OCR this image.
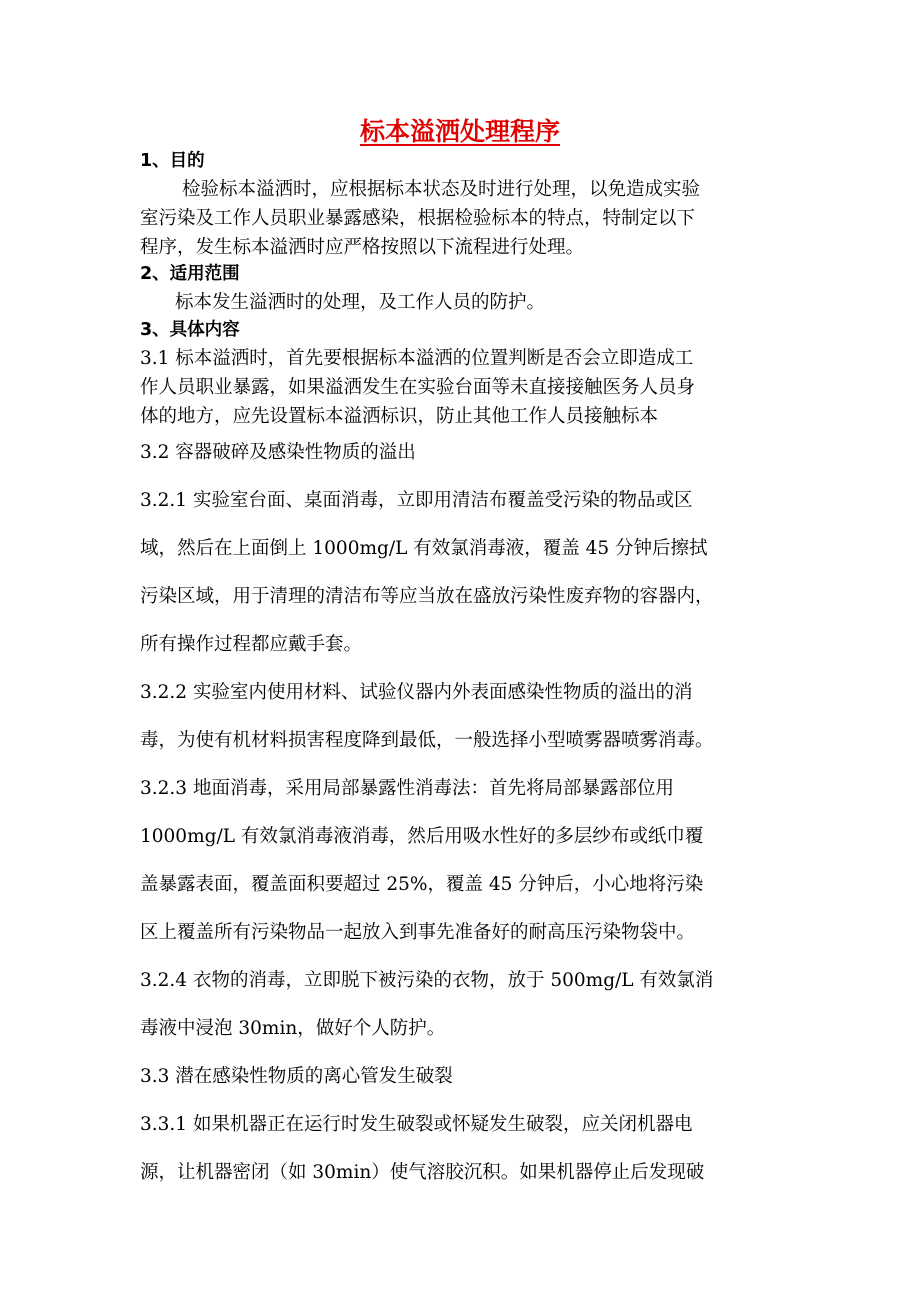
标本溢洒处理程序
1、目的
检验标本溢洒时，应根据标本状态及时进行处理，以免造成实验
室污染及工作人员职业暴露感染，根据检验标本的特点，特制定以下
程序，发生标本溢洒时应严格按照以下流程进行处理。
2、适用范围
标本发生溢洒时的处理，及工作人员的防护。
3、具体内容
3.1 标本溢洒时，首先要根据标本溢洒的位置判断是否会立即造成工
作人员职业暴露，如果溢洒发生在实验台面等未直接接触医务人员身
体的地方，应先设置标本溢洒标识，防止其他工作人员接触标本
3.2 容器破碎及感染性物质的溢出
3.2.1 实验室台面、桌面消毒，立即用清洁布覆盖受污染的物品或区
域，然后在上面倒上 1000mg/L 有效氯消毒液，覆盖 45 分钟后擦拭
污染区域，用于清理的清洁布等应当放在盛放污染性废弃物的容器内，
所有操作过程都应戴手套。
3.2.2 实验室内使用材料、试验仪器内外表面感染性物质的溢出的消
毒，为使有机材料损害程度降到最低，一般选择小型喷雾器喷雾消毒。
3.2.3 地面消毒，采用局部暴露性消毒法：首先将局部暴露部位用
1000mg/L 有效氯消毒液消毒，然后用吸水性好的多层纱布或纸巾覆
盖暴露表面，覆盖面积要超过 25%，覆盖 45 分钟后，小心地将污染
区上覆盖所有污染物品一起放入到事先准备好的耐高压污染物袋中。
3.2.4 衣物的消毒，立即脱下被污染的衣物，放于 500mg/L 有效氯消
毒液中浸泡 30min，做好个人防护。
3.3 潜在感染性物质的离心管发生破裂
3.3.1 如果机器正在运行时发生破裂或怀疑发生破裂，应关闭机器电
源，让机器密闭（如 30min）使气溶胶沉积。如果机器停止后发现破
